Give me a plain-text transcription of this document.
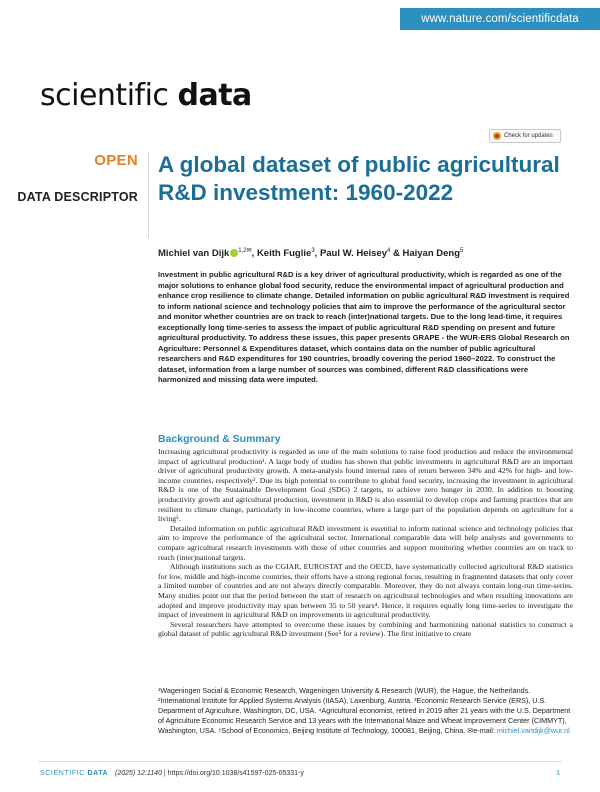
www.nature.com/scientificdata
scientific data
Check for updates
OPEN
DATA DESCRIPTOR
A global dataset of public agricultural R&D investment: 1960-2022
Michiel van Dijk $^{1,2✉}$, Keith Fuglie$^3$, Paul W. Heisey$^4$ & Haiyan Deng$^5$

Investment in public agricultural R&D is a key driver of agricultural productivity, which is regarded as one of the major solutions to enhance global food security, reduce the environmental impact of agricultural production and enhance crop resilience to climate change. Detailed information on public agricultural R&D investment is required to inform national science and technology policies that aim to improve the performance of the agricultural sector and monitor whether countries are on track to reach (inter)national targets. Due to the long lead-time, it requires exceptionally long time-series to assess the impact of public agricultural R&D spending on present and future agricultural productivity. To address these issues, this paper presents GRAPE - the WUR-ERS Global Research on Agriculture: Personnel & Expenditures dataset, which contains data on the number of public agricultural researchers and R&D expenditures for 190 countries, broadly covering the period 1960–2022. To construct the dataset, information from a large number of sources was combined, different R&D classifications were harmonized and missing data were imputed.

Background & Summary

Increasing agricultural productivity is regarded as one of the main solutions to raise food production and reduce the environmental impact of agricultural production¹. A large body of studies has shown that public investments in agricultural R&D are an important driver of agricultural productivity growth. A meta-analysis found internal rates of return between 34% and 42% for high- and low-income countries, respectively². Due its high potential to contribute to global food security, increasing the investment in agricultural R&D is one of the Sustainable Development Goal (SDG) 2 targets, to achieve zero hunger in 2030. In addition to boosting productivity growth and agricultural production, investment in R&D is also essential to develop crops and farming practices that are resilient to climate change, particularly in low-income countries, where a large part of the population depends on agriculture for a living³.

Detailed information on public agricultural R&D investment is essential to inform national science and technology policies that aim to improve the performance of the agricultural sector. International comparable data will help analysts and governments to compare agricultural research investments with those of other countries and support monitoring whether countries are on track to reach (inter)national targets.

Although institutions such as the CGIAR, EUROSTAT and the OECD, have systematically collected agricultural R&D statistics for low, middle and high-income countries, their efforts have a strong regional focus, resulting in fragmented datasets that only cover a limited number of countries and are not always directly comparable. Moreover, they do not always contain long-run time-series. Many studies point out that the period between the start of research on agricultural technologies and when resulting innovations are adopted and improve productivity may span between 35 to 50 years⁴. Hence, it requires equally long time-series to investigate the impact of investment in agricultural R&D on improvements in agricultural productivity.

Several researchers have attempted to overcome these issues by combining and harmonizing national statistics to construct a global dataset of public agricultural R&D investment (See⁵ for a review). The first initiative to create

¹Wageningen Social & Economic Research, Wageningen University & Research (WUR), the Hague, the Netherlands. ²International Institute for Applied Systems Analysis (IIASA), Laxenburg, Austria. ³Economic Research Service (ERS), U.S. Department of Agriculture, Washington, DC, USA. ⁴Agricultural economist, retired in 2019 after 21 years with the U.S. Department of Agriculture Economic Research Service and 13 years with the International Maize and Wheat Improvement Center (CIMMYT), Washington, USA. ⁵School of Economics, Beijing Institute of Technology, 100081, Beijing, China. ✉e-mail: michiel.vandijk@wur.nl
SCIENTIFIC DATA (2025) 12:1140 | https://doi.org/10.1038/s41597-025-05331-y	1
